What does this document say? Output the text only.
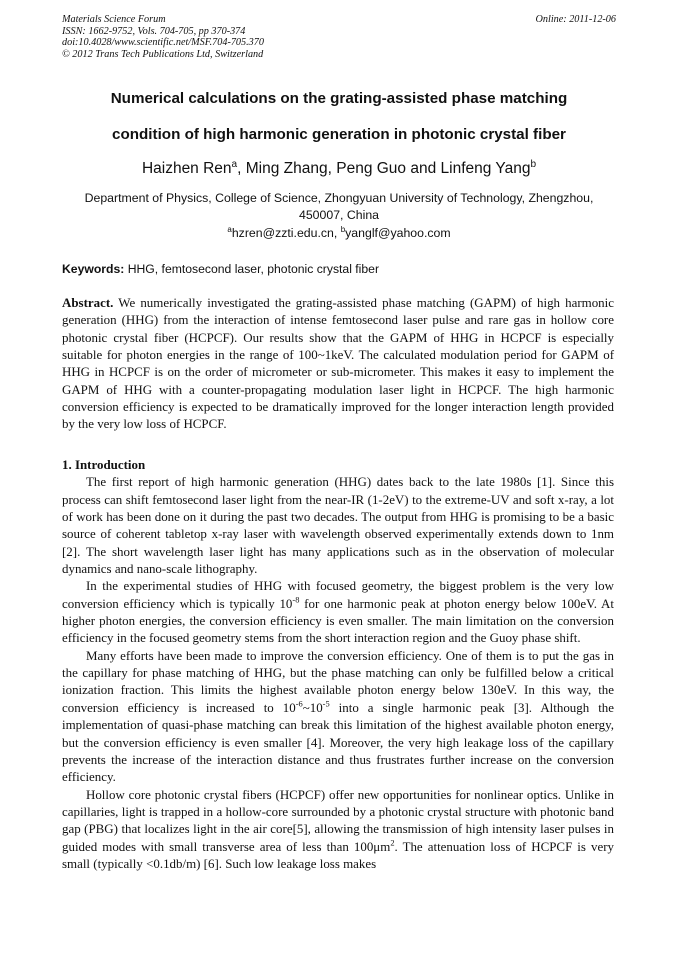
Materials Science Forum
ISSN: 1662-9752, Vols. 704-705, pp 370-374
doi:10.4028/www.scientific.net/MSF.704-705.370
© 2012 Trans Tech Publications Ltd, Switzerland
Online: 2011-12-06
Numerical calculations on the grating-assisted phase matching
condition of high harmonic generation in photonic crystal fiber
Haizhen Ren$^a$, Ming Zhang, Peng Guo and Linfeng Yang$^b$
Department of Physics, College of Science, Zhongyuan University of Technology, Zhengzhou,
450007, China
$^a$hzren@zzti.edu.cn, $^b$yanglf@yahoo.com
Keywords: HHG, femtosecond laser, photonic crystal fiber

Abstract. We numerically investigated the grating-assisted phase matching (GAPM) of high harmonic generation (HHG) from the interaction of intense femtosecond laser pulse and rare gas in hollow core photonic crystal fiber (HCPCF). Our results show that the GAPM of HHG in HCPCF is especially suitable for photon energies in the range of 100~1keV. The calculated modulation period for GAPM of HHG in HCPCF is on the order of micrometer or sub-micrometer. This makes it easy to implement the GAPM of HHG with a counter-propagating modulation laser light in HCPCF. The high harmonic conversion efficiency is expected to be dramatically improved for the longer interaction length provided by the very low loss of HCPCF.

1. Introduction

The first report of high harmonic generation (HHG) dates back to the late 1980s [1]. Since this process can shift femtosecond laser light from the near-IR (1-2eV) to the extreme-UV and soft x-ray, a lot of work has been done on it during the past two decades. The output from HHG is promising to be a basic source of coherent tabletop x-ray laser with wavelength observed experimentally extends down to 1nm [2]. The short wavelength laser light has many applications such as in the observation of molecular dynamics and nano-scale lithography.

In the experimental studies of HHG with focused geometry, the biggest problem is the very low conversion efficiency which is typically $10^{-8}$ for one harmonic peak at photon energy below 100eV. At higher photon energies, the conversion efficiency is even smaller. The main limitation on the conversion efficiency in the focused geometry stems from the short interaction region and the Guoy phase shift.

Many efforts have been made to improve the conversion efficiency. One of them is to put the gas in the capillary for phase matching of HHG, but the phase matching can only be fulfilled below a critical ionization fraction. This limits the highest available photon energy below 130eV. In this way, the conversion efficiency is increased to $10^{-6}\sim 10^{-5}$ into a single harmonic peak [3]. Although the implementation of quasi-phase matching can break this limitation of the highest available photon energy, but the conversion efficiency is even smaller [4]. Moreover, the very high leakage loss of the capillary prevents the increase of the interaction distance and thus frustrates further increase on the conversion efficiency.

Hollow core photonic crystal fibers (HCPCF) offer new opportunities for nonlinear optics. Unlike in capillaries, light is trapped in a hollow-core surrounded by a photonic crystal structure with photonic band gap (PBG) that localizes light in the air core[5], allowing the transmission of high intensity laser pulses in guided modes with small transverse area of less than $100\mu m^2$. The attenuation loss of HCPCF is very small (typically <0.1db/m) [6]. Such low leakage loss makes
